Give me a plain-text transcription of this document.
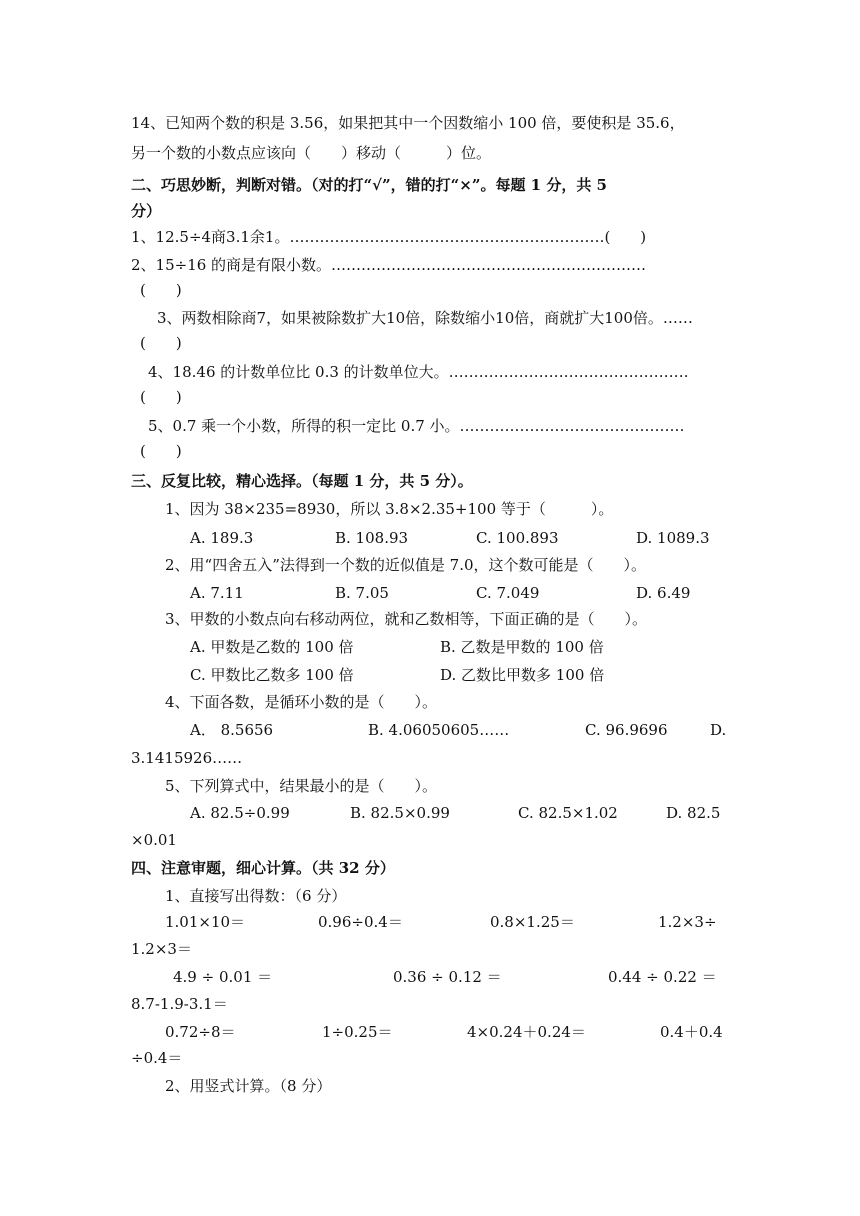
14、已知两个数的积是 3.56，如果把其中一个因数缩小 100 倍，要使积是 35.6，
另一个数的小数点应该向（　　）移动（　　　）位。
二、巧思妙断，判断对错。（对的打“√”，错的打“×”。每题 1 分，共 5
分）
1、12.5÷4商3.1余1。………………………………………………………(　　)
2、15÷16 的商是有限小数。………………………………………………………
(　　)
3、两数相除商7，如果被除数扩大10倍，除数缩小10倍，商就扩大100倍。……
(　　)
4、18.46 的计数单位比 0.3 的计数单位大。…………………………………………
(　　)
5、0.7 乘一个小数，所得的积一定比 0.7 小。………………………………………
(　　)
三、反复比较，精心选择。（每题 1 分，共 5 分）。
1、因为 38×235=8930，所以 3.8×2.35+100 等于（　　　）。
A. 189.3	B. 108.93	C. 100.893	D. 1089.3
2、用“四舍五入”法得到一个数的近似值是 7.0，这个数可能是（　　）。
A. 7.11	B. 7.05	C. 7.049	D. 6.49
3、甲数的小数点向右移动两位，就和乙数相等，下面正确的是（　　）。
A. 甲数是乙数的 100 倍	B. 乙数是甲数的 100 倍
C. 甲数比乙数多 100 倍	D. 乙数比甲数多 100 倍
4、下面各数，是循环小数的是（　　）。
A． 8.5656	B. 4.06050605……	C. 96.9696	D.
3.1415926……
5、下列算式中，结果最小的是（　　）。
A. 82.5÷0.99	B. 82.5×0.99	C. 82.5×1.02	D. 82.5
×0.01
四、注意审题，细心计算。（共 32 分）
1、直接写出得数：（6 分）
1.01×10＝	0.96÷0.4＝	0.8×1.25＝	1.2×3÷
1.2×3＝
4.9 ÷ 0.01 ＝	0.36 ÷ 0.12 ＝	0.44 ÷ 0.22 ＝
8.7-1.9-3.1＝
0.72÷8＝	1÷0.25＝	4×0.24＋0.24＝	0.4＋0.4
÷0.4＝
2、用竖式计算。（8 分）
